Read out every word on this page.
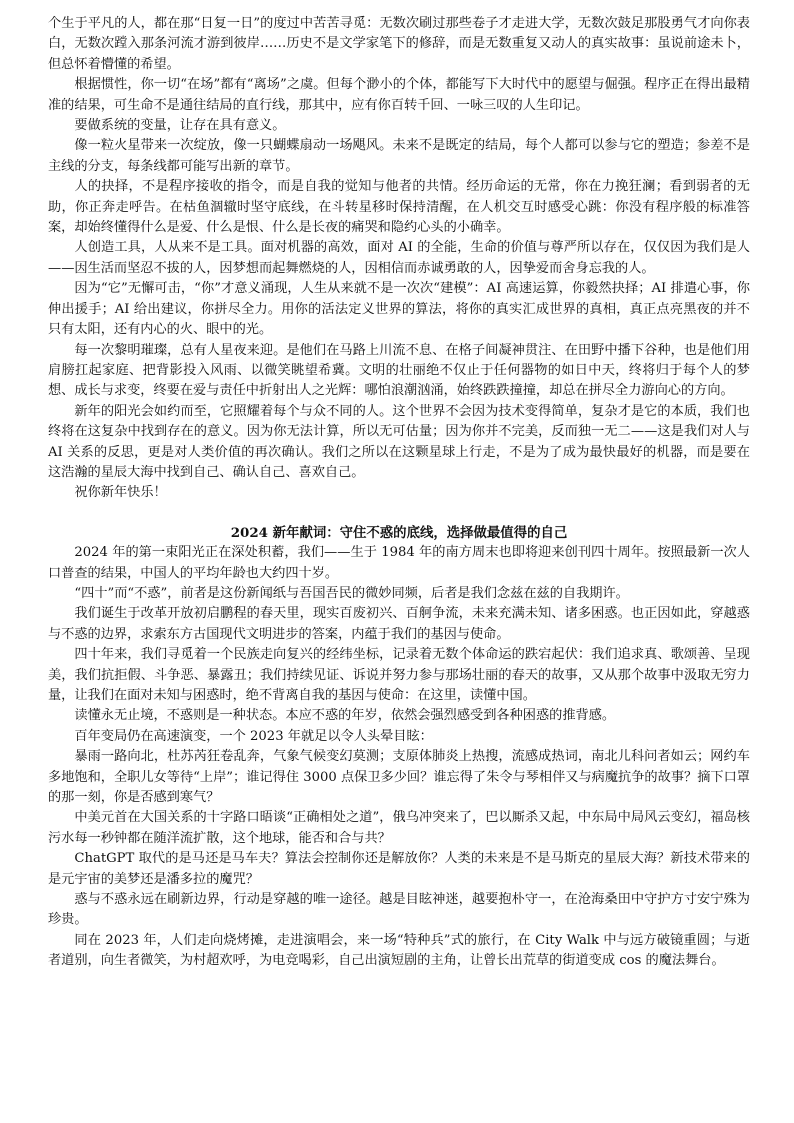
个生于平凡的人，都在那“日复一日”的度过中苦苦寻觅：无数次刷过那些卷子才走进大学，无数次鼓足那股勇气才向你表白，无数次蹚入那条河流才游到彼岸……历史不是文学家笔下的修辞，而是无数重复又动人的真实故事：虽说前途未卜，但总怀着懵懂的希望。

根据惯性，你一切“在场”都有“离场”之虞。但每个渺小的个体，都能写下大时代中的愿望与倔强。程序正在得出最精准的结果，可生命不是通往结局的直行线，那其中，应有你百转千回、一咏三叹的人生印记。

要做系统的变量，让存在具有意义。

像一粒火星带来一次绽放，像一只蝴蝶扇动一场飓风。未来不是既定的结局，每个人都可以参与它的塑造；参差不是主线的分支，每条线都可能写出新的章节。

人的抉择，不是程序接收的指令，而是自我的觉知与他者的共情。经历命运的无常，你在力挽狂澜；看到弱者的无助，你正奔走呼告。在枯鱼涸辙时坚守底线，在斗转星移时保持清醒，在人机交互时感受心跳：你没有程序般的标准答案，却始终懂得什么是爱、什么是恨、什么是长夜的痛哭和隐约心头的小确幸。

人创造工具，人从来不是工具。面对机器的高效，面对 AI 的全能，生命的价值与尊严所以存在，仅仅因为我们是人——因生活而坚忍不拔的人，因梦想而起舞燃烧的人，因相信而赤诚勇敢的人，因挚爱而舍身忘我的人。

因为“它”无懈可击，“你”才意义涌现，人生从来就不是一次次“建模”：AI 高速运算，你毅然抉择；AI 排遣心事，你伸出援手；AI 给出建议，你拼尽全力。用你的活法定义世界的算法，将你的真实汇成世界的真相，真正点亮黑夜的并不只有太阳，还有内心的火、眼中的光。

每一次黎明璀璨，总有人星夜来迎。是他们在马路上川流不息、在格子间凝神贯注、在田野中播下谷种，也是他们用肩膀扛起家庭、把背影投入风雨、以微笑眺望希冀。文明的壮丽绝不仅止于任何器物的如日中天，终将归于每个人的梦想、成长与求变，终要在爱与责任中折射出人之光辉：哪怕浪潮汹涌，始终跌跌撞撞，却总在拼尽全力游向心的方向。

新年的阳光会如约而至，它照耀着每个与众不同的人。这个世界不会因为技术变得简单，复杂才是它的本质，我们也终将在这复杂中找到存在的意义。因为你无法计算，所以无可估量；因为你并不完美，反而独一无二——这是我们对人与 AI 关系的反思，更是对人类价值的再次确认。我们之所以在这颗星球上行走，不是为了成为最快最好的机器，而是要在这浩瀚的星辰大海中找到自己、确认自己、喜欢自己。

祝你新年快乐！

2024 新年献词：守住不惑的底线，选择做最值得的自己

2024 年的第一束阳光正在深处积蓄，我们——生于 1984 年的南方周末也即将迎来创刊四十周年。按照最新一次人口普查的结果，中国人的平均年龄也大约四十岁。

“四十”而“不惑”，前者是这份新闻纸与吾国吾民的微妙同频，后者是我们念兹在兹的自我期许。

我们诞生于改革开放初启鹏程的春天里，现实百废初兴、百舸争流，未来充满未知、诸多困惑。也正因如此，穿越惑与不惑的边界，求索东方古国现代文明进步的答案，内蕴于我们的基因与使命。

四十年来，我们寻觅着一个民族走向复兴的经纬坐标，记录着无数个体命运的跌宕起伏：我们追求真、歌颂善、呈现美，我们抗拒假、斗争恶、暴露丑；我们持续见证、诉说并努力参与那场壮丽的春天的故事，又从那个故事中汲取无穷力量，让我们在面对未知与困惑时，绝不背离自我的基因与使命：在这里，读懂中国。

读懂永无止境，不惑则是一种状态。本应不惑的年岁，依然会强烈感受到各种困惑的推背感。

百年变局仍在高速演变，一个 2023 年就足以令人头晕目眩：

暴雨一路向北，杜苏芮狂卷乱奔，气象气候变幻莫测；支原体肺炎上热搜，流感成热词，南北儿科问者如云；网约车多地饱和，全职儿女等待“上岸”；谁记得住 3000 点保卫多少回？谁忘得了朱令与琴相伴又与病魔抗争的故事？摘下口罩的那一刻，你是否感到寒气？

中美元首在大国关系的十字路口晤谈“正确相处之道”，俄乌冲突来了，巴以厮杀又起，中东局中局风云变幻，福岛核污水每一秒钟都在随洋流扩散，这个地球，能否和合与共？

ChatGPT 取代的是马还是马车夫？算法会控制你还是解放你？人类的未来是不是马斯克的星辰大海？新技术带来的是元宇宙的美梦还是潘多拉的魔咒？

惑与不惑永远在刷新边界，行动是穿越的唯一途径。越是目眩神迷，越要抱朴守一，在沧海桑田中守护方寸安宁殊为珍贵。

同在 2023 年，人们走向烧烤摊，走进演唱会，来一场“特种兵”式的旅行，在 City Walk 中与远方破镜重圆；与逝者道别，向生者微笑，为村超欢呼，为电竞喝彩，自己出演短剧的主角，让曾长出荒草的街道变成 cos 的魔法舞台。
